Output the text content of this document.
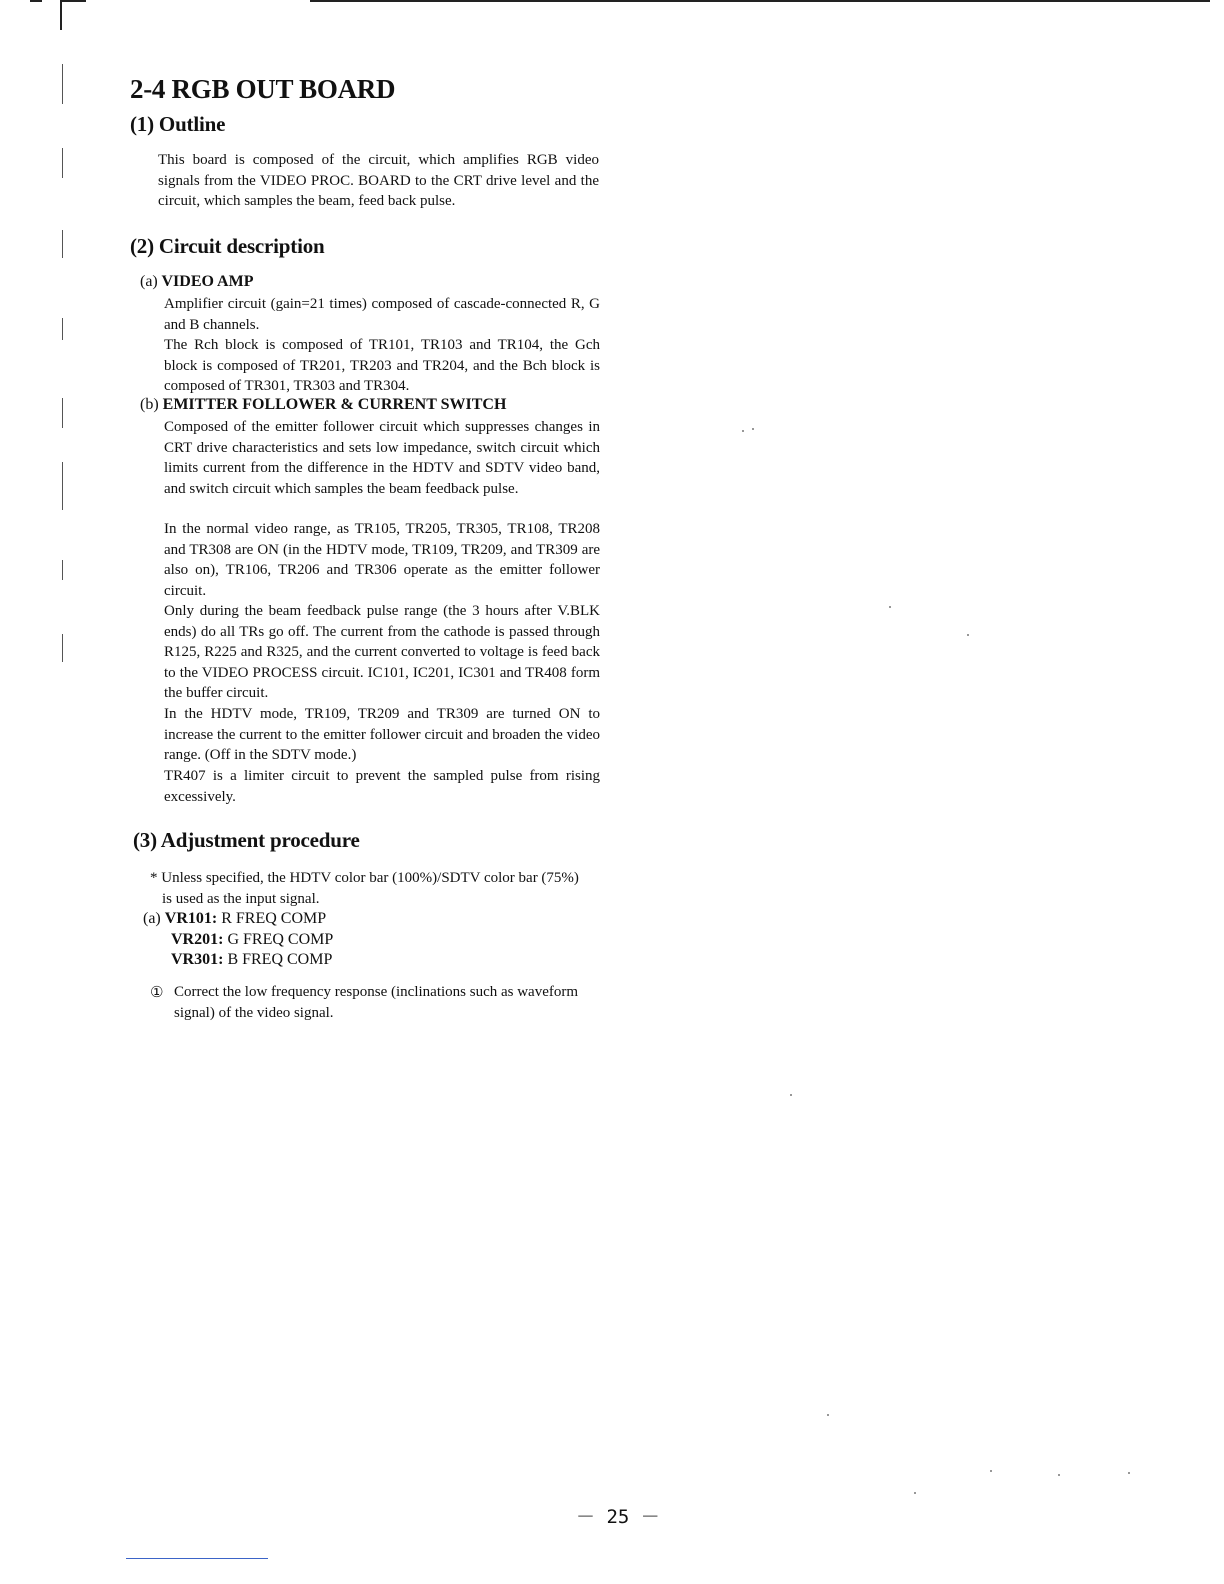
2-4 RGB OUT BOARD
(1) Outline

This board is composed of the circuit, which amplifies RGB video signals from the VIDEO PROC. BOARD to the CRT drive level and the circuit, which samples the beam, feed back pulse.

(2) Circuit description
(a) VIDEO AMP

Amplifier circuit (gain=21 times) composed of cascade-connected R, G and B channels.

The Rch block is composed of TR101, TR103 and TR104, the Gch block is composed of TR201, TR203 and TR204, and the Bch block is composed of TR301, TR303 and TR304.

(b) EMITTER FOLLOWER & CURRENT SWITCH

Composed of the emitter follower circuit which suppresses changes in CRT drive characteristics and sets low impedance, switch circuit which limits current from the difference in the HDTV and SDTV video band, and switch circuit which samples the beam feedback pulse.

In the normal video range, as TR105, TR205, TR305, TR108, TR208 and TR308 are ON (in the HDTV mode, TR109, TR209, and TR309 are also on), TR106, TR206 and TR306 operate as the emitter follower circuit.

Only during the beam feedback pulse range (the 3 hours after V.BLK ends) do all TRs go off. The current from the cathode is passed through R125, R225 and R325, and the current converted to voltage is feed back to the VIDEO PROCESS circuit. IC101, IC201, IC301 and TR408 form the buffer circuit.

In the HDTV mode, TR109, TR209 and TR309 are turned ON to increase the current to the emitter follower circuit and broaden the video range. (Off in the SDTV mode.)

TR407 is a limiter circuit to prevent the sampled pulse from rising excessively.

(3) Adjustment procedure

* Unless specified, the HDTV color bar (100%)/SDTV color bar (75%) is used as the input signal.

(a) VR101: R FREQ COMP
VR201: G FREQ COMP
VR301: B FREQ COMP
① Correct the low frequency response (inclinations such as waveform signal) of the video signal.

－ 25 －
